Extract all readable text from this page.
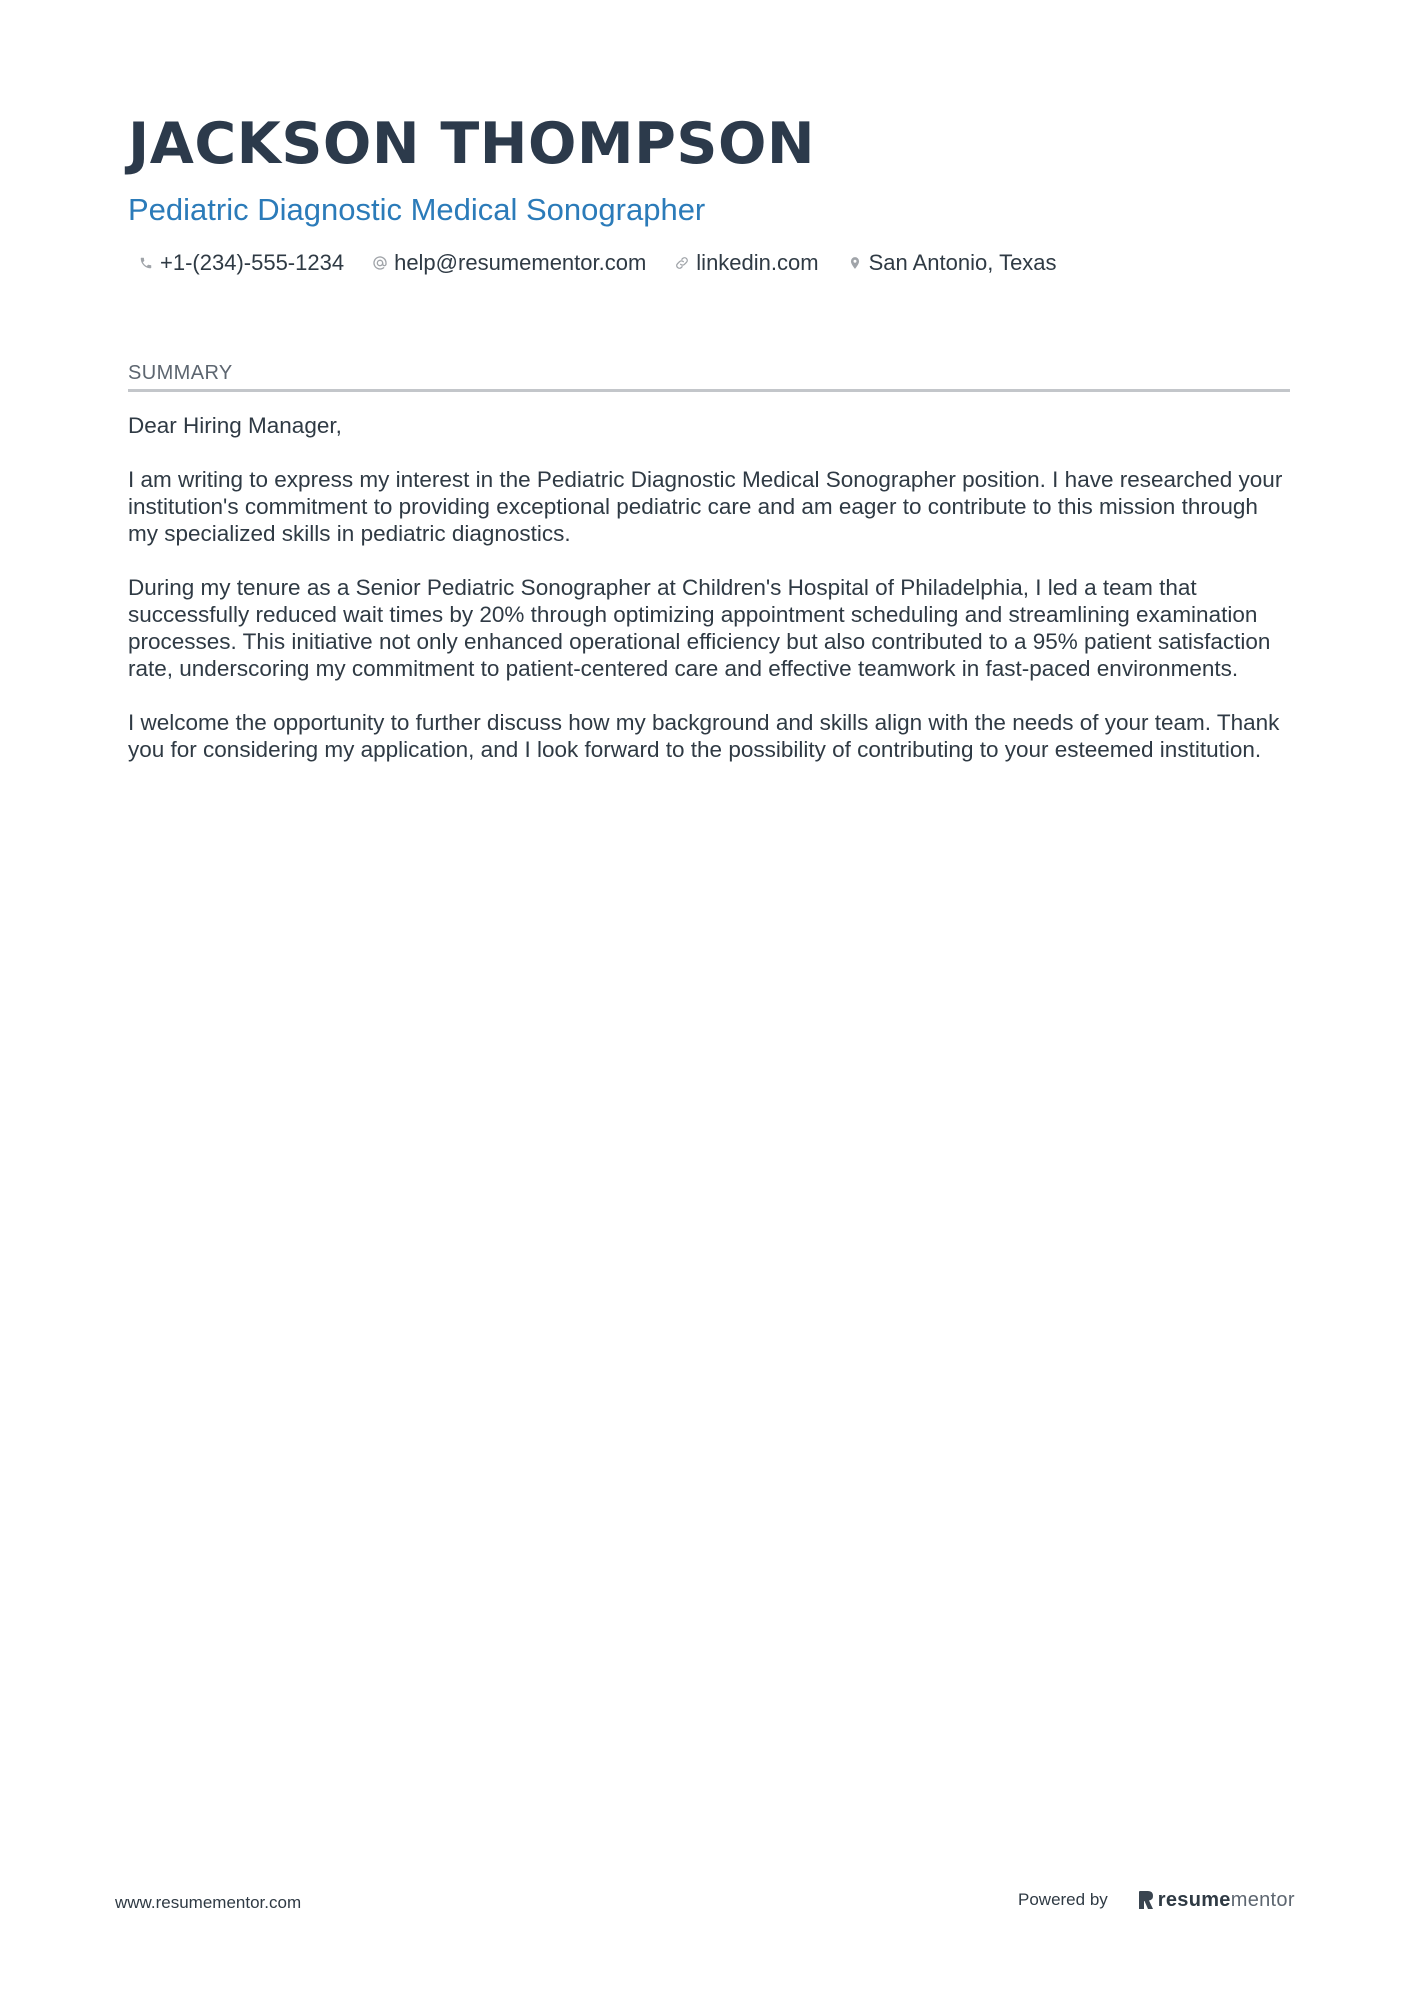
JACKSON THOMPSON
Pediatric Diagnostic Medical Sonographer
+1-(234)-555-1234 help@resumementor.com linkedin.com San Antonio, Texas
SUMMARY

Dear Hiring Manager,

I am writing to express my interest in the Pediatric Diagnostic Medical Sonographer position. I have researched your institution's commitment to providing exceptional pediatric care and am eager to contribute to this mission through my specialized skills in pediatric diagnostics.

During my tenure as a Senior Pediatric Sonographer at Children's Hospital of Philadelphia, I led a team that successfully reduced wait times by 20% through optimizing appointment scheduling and streamlining examination processes. This initiative not only enhanced operational efficiency but also contributed to a 95% patient satisfaction rate, underscoring my commitment to patient-centered care and effective teamwork in fast-paced environments.

I welcome the opportunity to further discuss how my background and skills align with the needs of your team. Thank you for considering my application, and I look forward to the possibility of contributing to your esteemed institution.

www.resumementor.com	Powered by	resume mentor
